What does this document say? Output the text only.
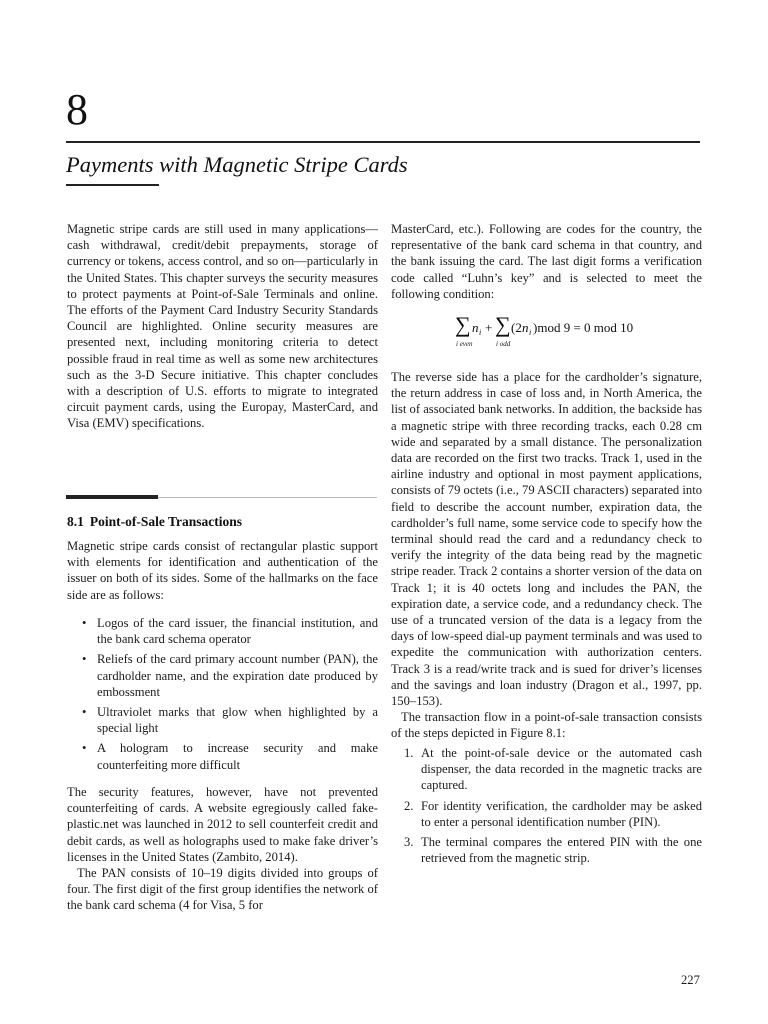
8
Payments with Magnetic Stripe Cards

Magnetic stripe cards are still used in many applications—cash withdrawal, credit/debit prepayments, storage of currency or tokens, access control, and so on—particularly in the United States. This chapter surveys the security measures to protect payments at Point-of-Sale Terminals and online. The efforts of the Payment Card Industry Security Standards Council are highlighted. Online security measures are presented next, including monitoring criteria to detect possible fraud in real time as well as some new architectures such as the 3-D Secure initiative. This chapter concludes with a description of U.S. efforts to migrate to integrated circuit payment cards, using the Europay, MasterCard, and Visa (EMV) specifications.

8.1 Point-of-Sale Transactions

Magnetic stripe cards consist of rectangular plastic support with elements for identification and authentication of the issuer on both of its sides. Some of the hallmarks on the face side are as follows:

• Logos of the card issuer, the financial institution, and the bank card schema operator
• Reliefs of the card primary account number (PAN), the cardholder name, and the expiration date produced by embossment
• Ultraviolet marks that glow when highlighted by a special light
• A hologram to increase security and make counterfeiting more difficult

The security features, however, have not prevented counterfeiting of cards. A website egregiously called fake-plastic.net was launched in 2012 to sell counterfeit credit and debit cards, as well as holographs used to make fake driver’s licenses in the United States (Zambito, 2014).

The PAN consists of 10–19 digits divided into groups of four. The first digit of the first group identifies the network of the bank card schema (4 for Visa, 5 for

MasterCard, etc.). Following are codes for the country, the representative of the bank card schema in that country, and the bank issuing the card. The last digit forms a verification code called “Luhn’s key” and is selected to meet the following condition:

∑ n i + ∑ (2 n i )mod 9 = 0 mod 10
i even	i odd

The reverse side has a place for the cardholder’s signature, the return address in case of loss and, in North America, the list of associated bank networks. In addition, the backside has a magnetic stripe with three recording tracks, each 0.28 cm wide and separated by a small distance. The personalization data are recorded on the first two tracks. Track 1, used in the airline industry and optional in most payment applications, consists of 79 octets (i.e., 79 ASCII characters) separated into field to describe the account number, expiration data, the cardholder’s full name, some service code to specify how the terminal should read the card and a redundancy check to verify the integrity of the data being read by the magnetic stripe reader. Track 2 contains a shorter version of the data on Track 1; it is 40 octets long and includes the PAN, the expiration date, a service code, and a redundancy check. The use of a truncated version of the data is a legacy from the days of low-speed dial-up payment terminals and was used to expedite the communication with authorization centers. Track 3 is a read/write track and is sued for driver’s licenses and the savings and loan industry (Dragon et al., 1997, pp. 150–153).

The transaction flow in a point-of-sale transaction consists of the steps depicted in Figure 8.1:

1. At the point-of-sale device or the automated cash dispenser, the data recorded in the magnetic tracks are captured.
2. For identity verification, the cardholder may be asked to enter a personal identification number (PIN).
3. The terminal compares the entered PIN with the one retrieved from the magnetic strip.
227
